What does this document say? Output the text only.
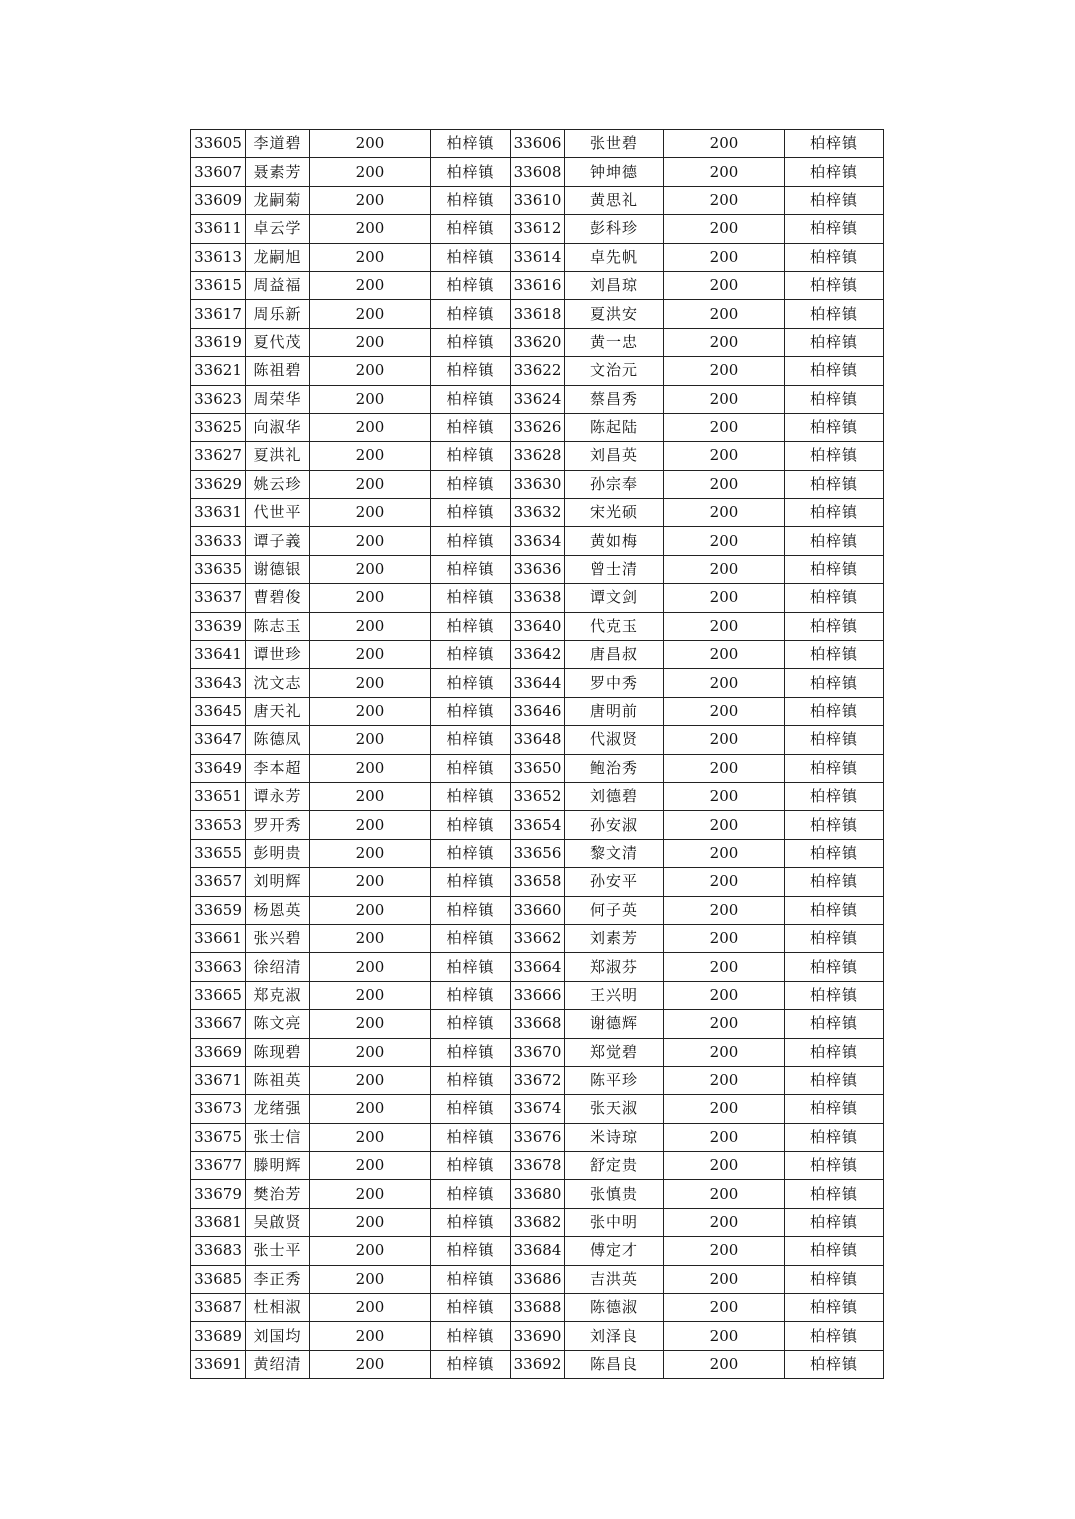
33605	李道碧	200	柏梓镇	33606	张世碧	200	柏梓镇
33607	聂素芳	200	柏梓镇	33608	钟坤德	200	柏梓镇
33609	龙嗣菊	200	柏梓镇	33610	黄思礼	200	柏梓镇
33611	卓云学	200	柏梓镇	33612	彭科珍	200	柏梓镇
33613	龙嗣旭	200	柏梓镇	33614	卓先帆	200	柏梓镇
33615	周益福	200	柏梓镇	33616	刘昌琼	200	柏梓镇
33617	周乐新	200	柏梓镇	33618	夏洪安	200	柏梓镇
33619	夏代茂	200	柏梓镇	33620	黄一忠	200	柏梓镇
33621	陈祖碧	200	柏梓镇	33622	文治元	200	柏梓镇
33623	周荣华	200	柏梓镇	33624	蔡昌秀	200	柏梓镇
33625	向淑华	200	柏梓镇	33626	陈起陆	200	柏梓镇
33627	夏洪礼	200	柏梓镇	33628	刘昌英	200	柏梓镇
33629	姚云珍	200	柏梓镇	33630	孙宗奉	200	柏梓镇
33631	代世平	200	柏梓镇	33632	宋光硕	200	柏梓镇
33633	谭子義	200	柏梓镇	33634	黄如梅	200	柏梓镇
33635	谢德银	200	柏梓镇	33636	曾士清	200	柏梓镇
33637	曹碧俊	200	柏梓镇	33638	谭文剑	200	柏梓镇
33639	陈志玉	200	柏梓镇	33640	代克玉	200	柏梓镇
33641	谭世珍	200	柏梓镇	33642	唐昌叔	200	柏梓镇
33643	沈文志	200	柏梓镇	33644	罗中秀	200	柏梓镇
33645	唐天礼	200	柏梓镇	33646	唐明前	200	柏梓镇
33647	陈德凤	200	柏梓镇	33648	代淑贤	200	柏梓镇
33649	李本超	200	柏梓镇	33650	鲍治秀	200	柏梓镇
33651	谭永芳	200	柏梓镇	33652	刘德碧	200	柏梓镇
33653	罗开秀	200	柏梓镇	33654	孙安淑	200	柏梓镇
33655	彭明贵	200	柏梓镇	33656	黎文清	200	柏梓镇
33657	刘明辉	200	柏梓镇	33658	孙安平	200	柏梓镇
33659	杨恩英	200	柏梓镇	33660	何子英	200	柏梓镇
33661	张兴碧	200	柏梓镇	33662	刘素芳	200	柏梓镇
33663	徐绍清	200	柏梓镇	33664	郑淑芬	200	柏梓镇
33665	郑克淑	200	柏梓镇	33666	王兴明	200	柏梓镇
33667	陈文亮	200	柏梓镇	33668	谢德辉	200	柏梓镇
33669	陈现碧	200	柏梓镇	33670	郑觉碧	200	柏梓镇
33671	陈祖英	200	柏梓镇	33672	陈平珍	200	柏梓镇
33673	龙绪强	200	柏梓镇	33674	张天淑	200	柏梓镇
33675	张士信	200	柏梓镇	33676	米诗琼	200	柏梓镇
33677	滕明辉	200	柏梓镇	33678	舒定贵	200	柏梓镇
33679	樊治芳	200	柏梓镇	33680	张慎贵	200	柏梓镇
33681	吴啟贤	200	柏梓镇	33682	张中明	200	柏梓镇
33683	张士平	200	柏梓镇	33684	傅定才	200	柏梓镇
33685	李正秀	200	柏梓镇	33686	吉洪英	200	柏梓镇
33687	杜相淑	200	柏梓镇	33688	陈德淑	200	柏梓镇
33689	刘国均	200	柏梓镇	33690	刘泽良	200	柏梓镇
33691	黄绍清	200	柏梓镇	33692	陈昌良	200	柏梓镇
